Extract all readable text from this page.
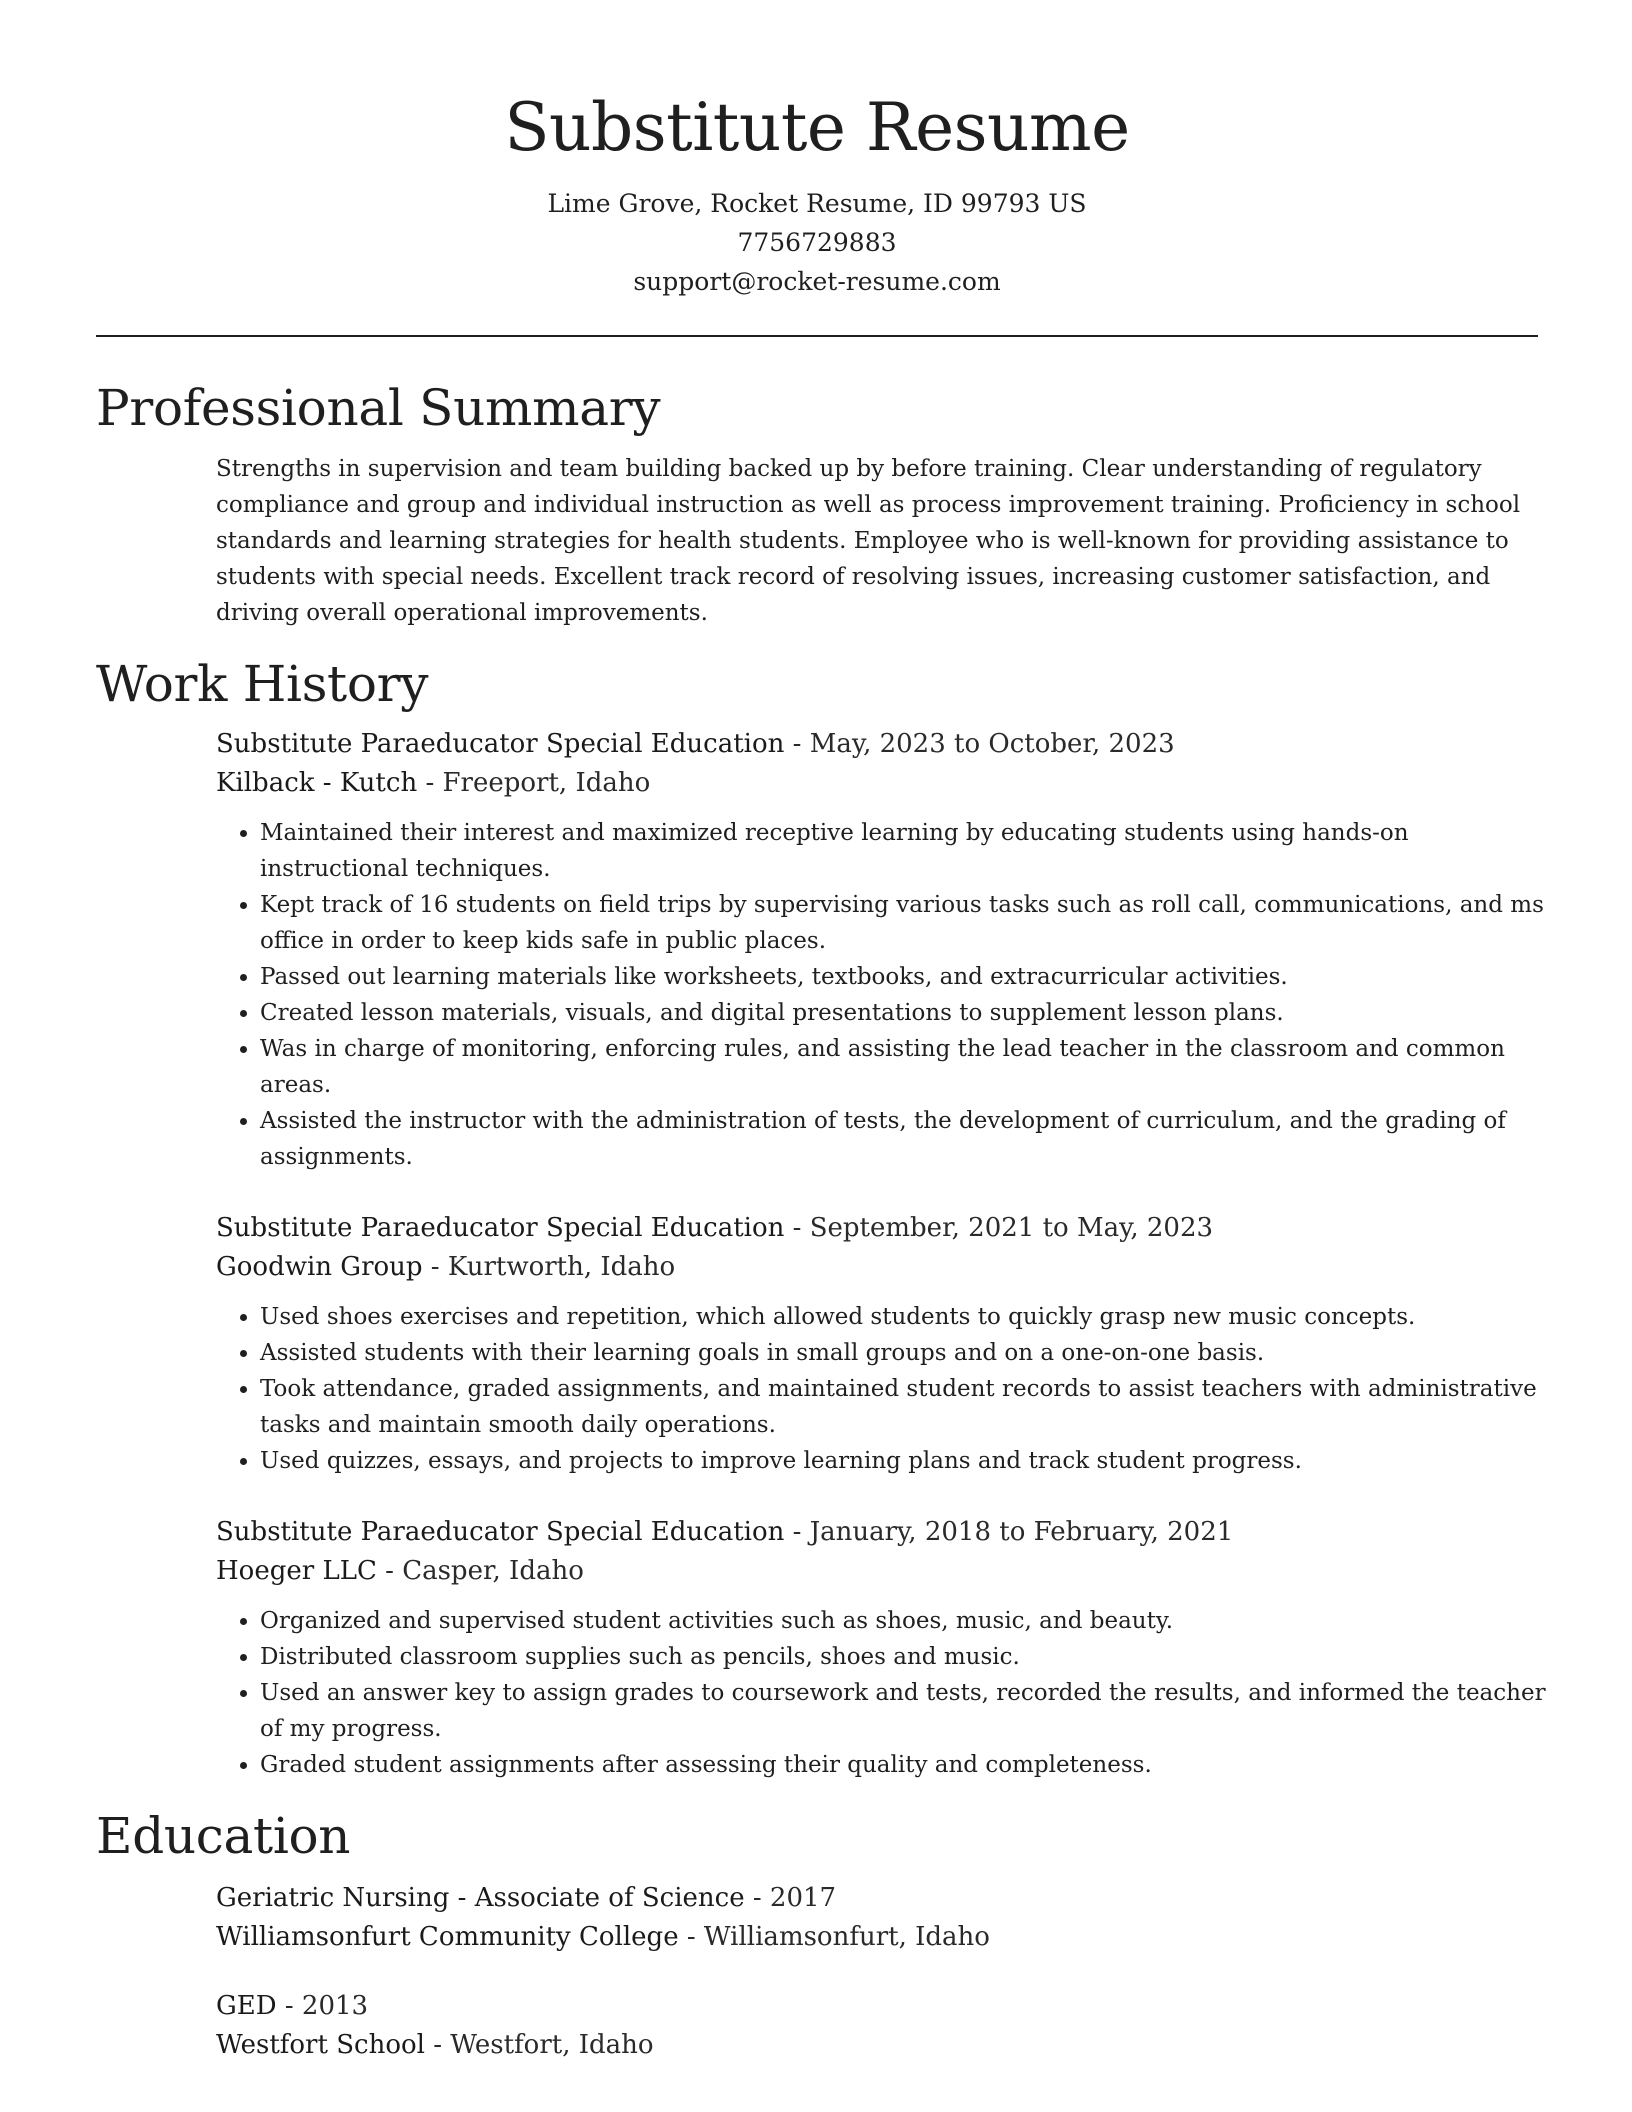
Substitute Resume
Lime Grove, Rocket Resume, ID 99793 US
7756729883
support@rocket-resume.com
Professional Summary
Strengths in supervision and team building backed up by before training. Clear understanding of regulatory compliance and group and individual instruction as well as process improvement training. Proficiency in school standards and learning strategies for health students. Employee who is well-known for providing assistance to students with special needs. Excellent track record of resolving issues, increasing customer satisfaction, and driving overall operational improvements.
Work History
Substitute Paraeducator Special Education - May, 2023 to October, 2023
Kilback - Kutch - Freeport, Idaho
• Maintained their interest and maximized receptive learning by educating students using hands-on instructional techniques.
• Kept track of 16 students on field trips by supervising various tasks such as roll call, communications, and ms office in order to keep kids safe in public places.
• Passed out learning materials like worksheets, textbooks, and extracurricular activities.
• Created lesson materials, visuals, and digital presentations to supplement lesson plans.
• Was in charge of monitoring, enforcing rules, and assisting the lead teacher in the classroom and common areas.
• Assisted the instructor with the administration of tests, the development of curriculum, and the grading of assignments.
Substitute Paraeducator Special Education - September, 2021 to May, 2023
Goodwin Group - Kurtworth, Idaho
• Used shoes exercises and repetition, which allowed students to quickly grasp new music concepts.
• Assisted students with their learning goals in small groups and on a one-on-one basis.
• Took attendance, graded assignments, and maintained student records to assist teachers with administrative tasks and maintain smooth daily operations.
• Used quizzes, essays, and projects to improve learning plans and track student progress.
Substitute Paraeducator Special Education - January, 2018 to February, 2021
Hoeger LLC - Casper, Idaho
• Organized and supervised student activities such as shoes, music, and beauty.
• Distributed classroom supplies such as pencils, shoes and music.
• Used an answer key to assign grades to coursework and tests, recorded the results, and informed the teacher of my progress.
• Graded student assignments after assessing their quality and completeness.
Education
Geriatric Nursing - Associate of Science - 2017
Williamsonfurt Community College - Williamsonfurt, Idaho
GED - 2013
Westfort School - Westfort, Idaho
